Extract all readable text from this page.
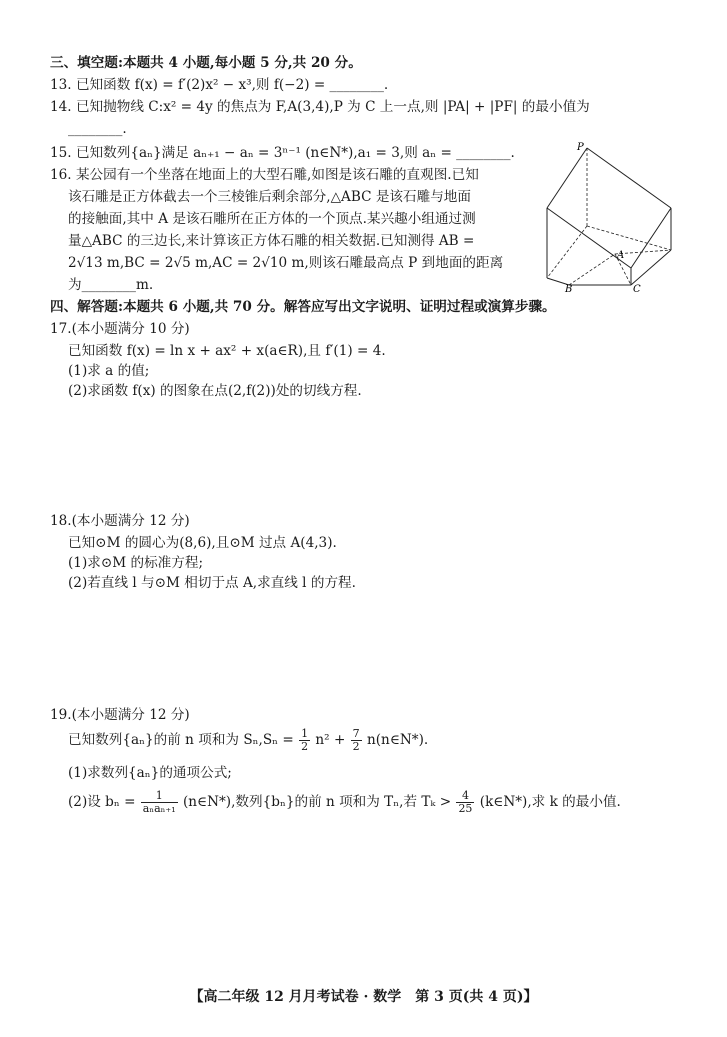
三、填空题:本题共 4 小题,每小题 5 分,共 20 分。
13. 已知函数 f(x) = f′(2)x² − x³,则 f(−2) = ________.
14. 已知抛物线 C:x² = 4y 的焦点为 F,A(3,4),P 为 C 上一点,则 |PA| + |PF| 的最小值为
________.
15. 已知数列{aₙ}满足 aₙ₊₁ − aₙ = 3ⁿ⁻¹ (n∈N*),a₁ = 3,则 aₙ = ________.
16. 某公园有一个坐落在地面上的大型石雕,如图是该石雕的直观图.已知
该石雕是正方体截去一个三棱锥后剩余部分,△ABC 是该石雕与地面
的接触面,其中 A 是该石雕所在正方体的一个顶点.某兴趣小组通过测
量△ABC 的三边长,来计算该正方体石雕的相关数据.已知测得 AB =
2√13 m,BC = 2√5 m,AC = 2√10 m,则该石雕最高点 P 到地面的距离
为________m.
P
A
B	C
四、解答题:本题共 6 小题,共 70 分。解答应写出文字说明、证明过程或演算步骤。
17.(本小题满分 10 分)
已知函数 f(x) = ln x + ax² + x(a∈R),且 f′(1) = 4.
(1)求 a 的值;
(2)求函数 f(x) 的图象在点(2,f(2))处的切线方程.
18.(本小题满分 12 分)
已知⊙M 的圆心为(8,6),且⊙M 过点 A(4,3).
(1)求⊙M 的标准方程;
(2)若直线 l 与⊙M 相切于点 A,求直线 l 的方程.
19.(本小题满分 12 分)
已知数列{aₙ}的前 n 项和为 $S_n,S_n = \frac{1}{2} n^2 + \frac{7}{2}$ n(n∈N*).
(1)求数列{aₙ}的通项公式;
(2)设 $b_n = \frac{1}{\text{aₙaₙ₊₁}}$ (n∈N*),数列{bₙ}的前 n 项和为 Tₙ,若 $T_k > \frac{4}{25}$ (k∈N*),求 k 的最小值.
【高二年级 12 月月考试卷 · 数学　第 3 页(共 4 页)】
